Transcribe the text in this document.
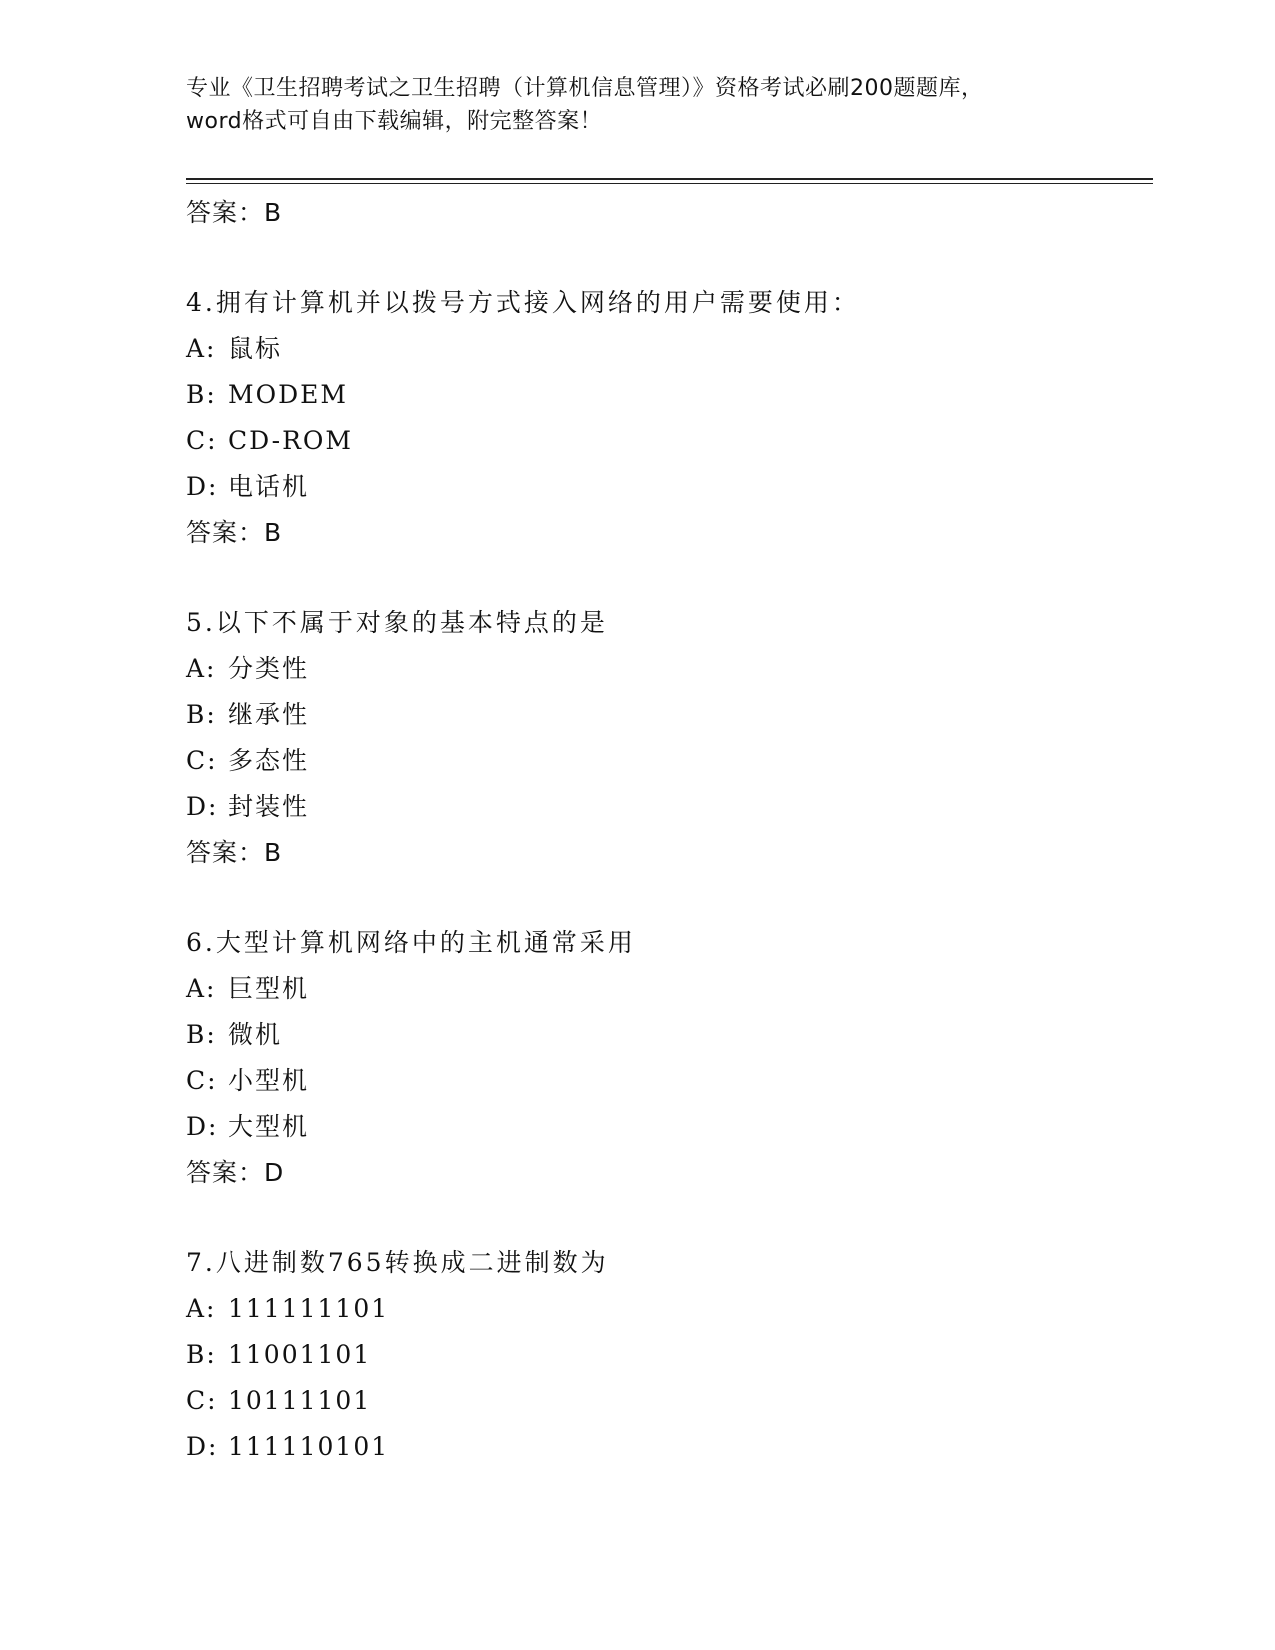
专业《卫生招聘考试之卫生招聘（计算机信息管理）》资格考试必刷200题题库，
word格式可自由下载编辑，附完整答案！
答案：B
4.拥有计算机并以拨号方式接入网络的用户需要使用：
A: 鼠标
B: MODEM
C: CD-ROM
D: 电话机
答案：B
5.以下不属于对象的基本特点的是
A: 分类性
B: 继承性
C: 多态性
D: 封装性
答案：B
6.大型计算机网络中的主机通常采用
A: 巨型机
B: 微机
C: 小型机
D: 大型机
答案：D
7.八进制数765转换成二进制数为
A: 111111101
B: 11001101
C: 10111101
D: 111110101
